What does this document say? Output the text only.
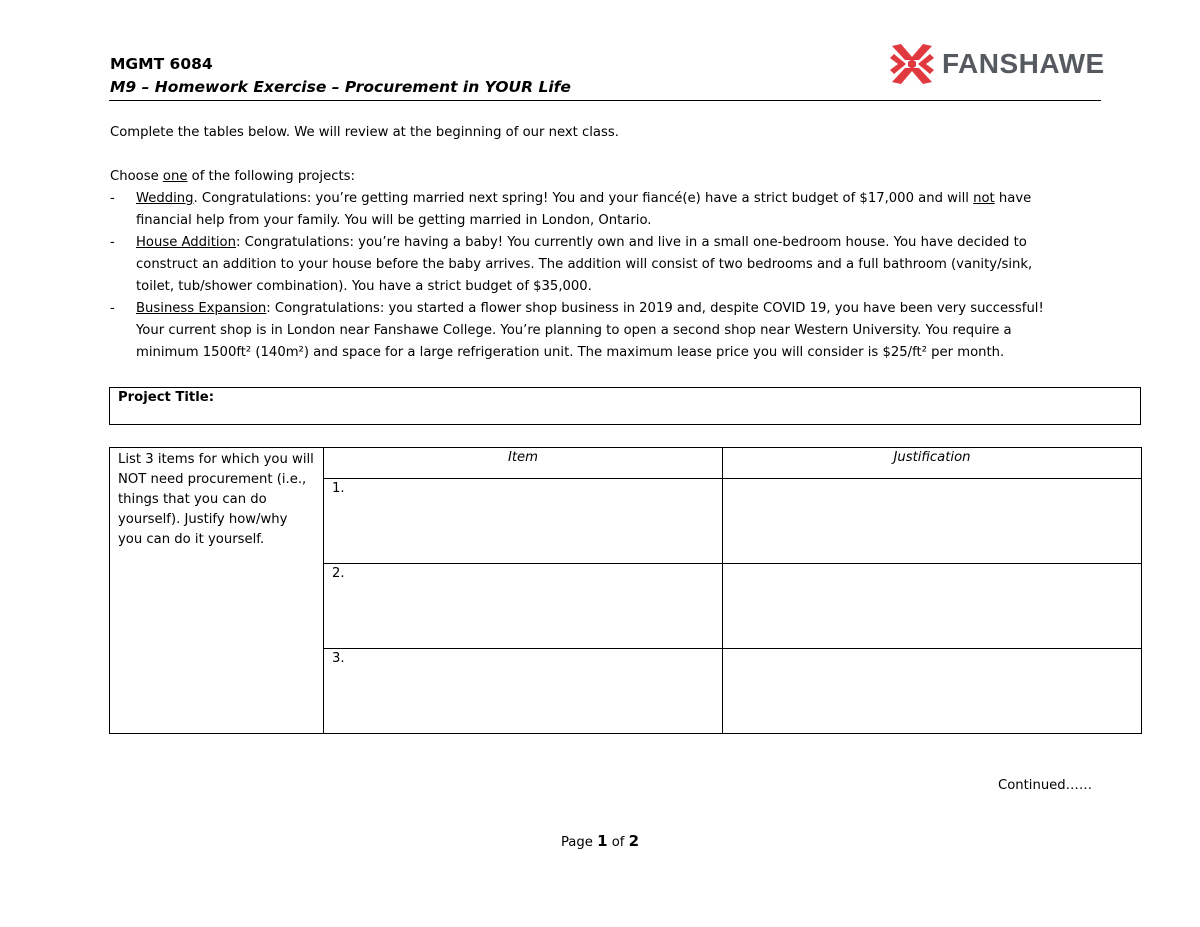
MGMT 6084
M9 – Homework Exercise – Procurement in YOUR Life
FANSHAWE
Complete the tables below. We will review at the beginning of our next class.
Choose one of the following projects:
- Wedding. Congratulations: you’re getting married next spring! You and your fiancé(e) have a strict budget of $17,000 and will not have financial help from your family. You will be getting married in London, Ontario.
- House Addition: Congratulations: you’re having a baby! You currently own and live in a small one-bedroom house. You have decided to construct an addition to your house before the baby arrives. The addition will consist of two bedrooms and a full bathroom (vanity/sink, toilet, tub/shower combination). You have a strict budget of $35,000.
- Business Expansion: Congratulations: you started a flower shop business in 2019 and, despite COVID 19, you have been very successful! Your current shop is in London near Fanshawe College. You’re planning to open a second shop near Western University. You require a minimum 1500ft² (140m²) and space for a large refrigeration unit. The maximum lease price you will consider is $25/ft² per month.
Project Title:
List 3 items for which you will NOT need procurement (i.e., things that you can do yourself). Justify how/why you can do it yourself.	Item	Justification
	1.	
	2.	
	3.	
Continued……
Page 1 of 2
